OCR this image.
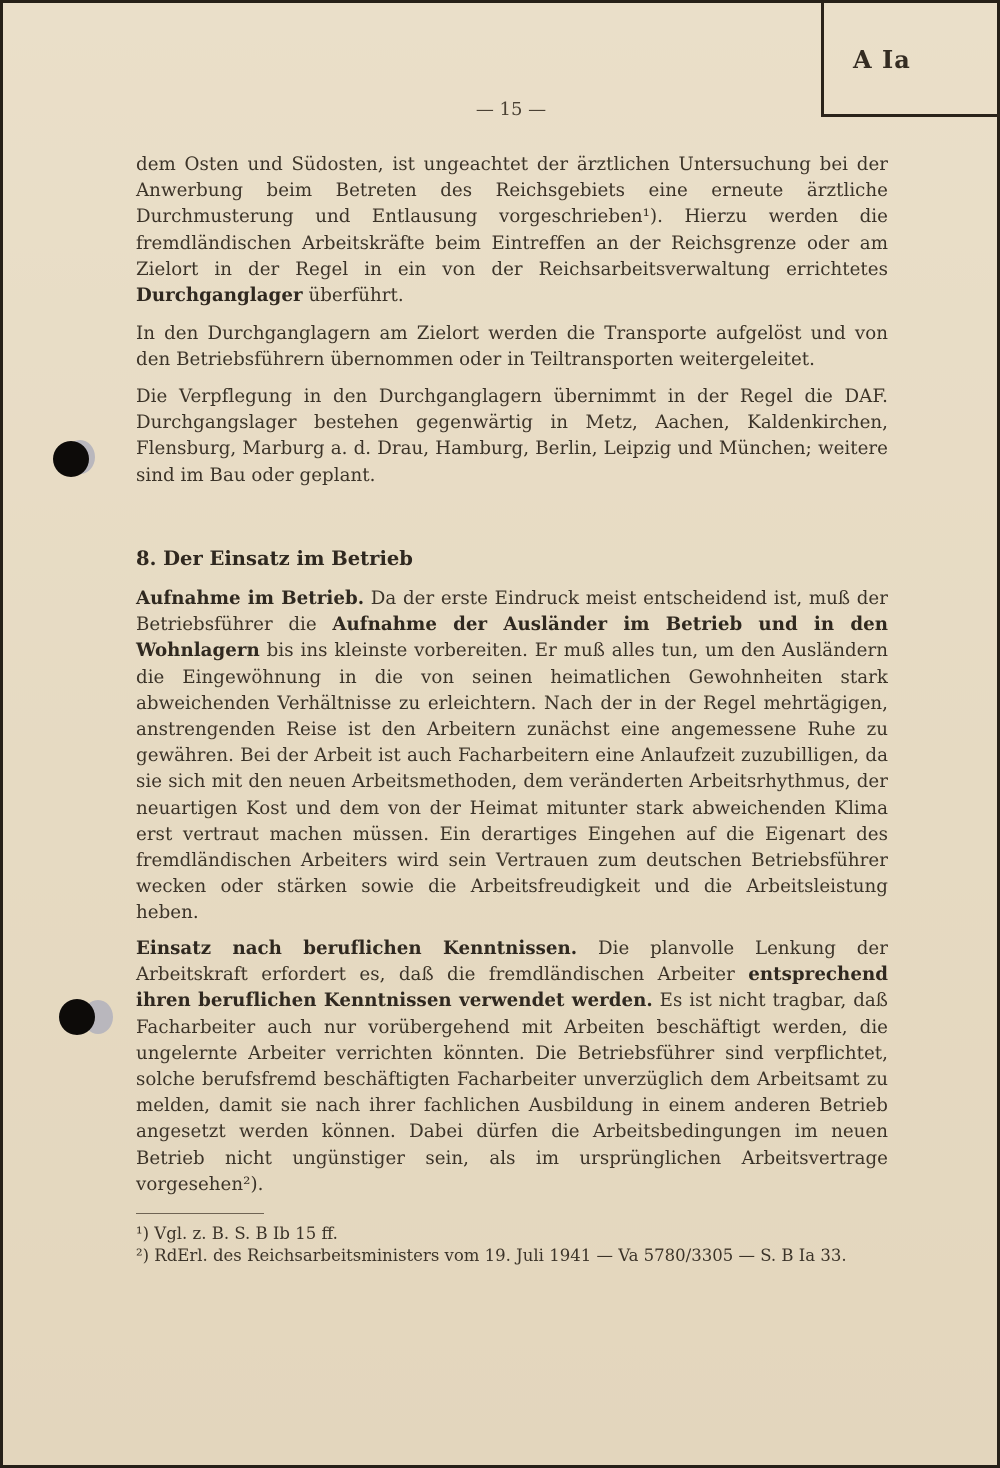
A Ia
— 15 —
dem Osten und Südosten, ist ungeachtet der ärztlichen Untersuchung bei der Anwerbung beim Betreten des Reichsgebiets eine erneute ärztliche Durchmusterung und Entlausung vorgeschrieben¹). Hierzu werden die fremdländischen Arbeitskräfte beim Eintreffen an der Reichsgrenze oder am Zielort in der Regel in ein von der Reichsarbeitsverwaltung errichtetes Durchganglager überführt.
In den Durchganglagern am Zielort werden die Transporte aufgelöst und von den Betriebsführern übernommen oder in Teiltransporten weitergeleitet.
Die Verpflegung in den Durchganglagern übernimmt in der Regel die DAF. Durchgangslager bestehen gegenwärtig in Metz, Aachen, Kaldenkirchen, Flensburg, Marburg a. d. Drau, Hamburg, Berlin, Leipzig und München; weitere sind im Bau oder geplant.
8. Der Einsatz im Betrieb
Aufnahme im Betrieb. Da der erste Eindruck meist entscheidend ist, muß der Betriebsführer die Aufnahme der Ausländer im Betrieb und in den Wohnlagern bis ins kleinste vorbereiten. Er muß alles tun, um den Ausländern die Eingewöhnung in die von seinen heimatlichen Gewohnheiten stark abweichenden Verhältnisse zu erleichtern. Nach der in der Regel mehrtägigen, anstrengenden Reise ist den Arbeitern zunächst eine angemessene Ruhe zu gewähren. Bei der Arbeit ist auch Facharbeitern eine Anlaufzeit zuzubilligen, da sie sich mit den neuen Arbeitsmethoden, dem veränderten Arbeitsrhythmus, der neuartigen Kost und dem von der Heimat mitunter stark abweichenden Klima erst vertraut machen müssen. Ein derartiges Eingehen auf die Eigenart des fremdländischen Arbeiters wird sein Vertrauen zum deutschen Betriebsführer wecken oder stärken sowie die Arbeitsfreudigkeit und die Arbeitsleistung heben.
Einsatz nach beruflichen Kenntnissen. Die planvolle Lenkung der Arbeitskraft erfordert es, daß die fremdländischen Arbeiter entsprechend ihren beruflichen Kenntnissen verwendet werden. Es ist nicht tragbar, daß Facharbeiter auch nur vorübergehend mit Arbeiten beschäftigt werden, die ungelernte Arbeiter verrichten könnten. Die Betriebsführer sind verpflichtet, solche berufsfremd beschäftigten Facharbeiter unverzüglich dem Arbeitsamt zu melden, damit sie nach ihrer fachlichen Ausbildung in einem anderen Betrieb angesetzt werden können. Dabei dürfen die Arbeitsbedingungen im neuen Betrieb nicht ungünstiger sein, als im ursprünglichen Arbeitsvertrage vorgesehen²).
¹) Vgl. z. B. S. B Ib 15 ff.
²) RdErl. des Reichsarbeitsministers vom 19. Juli 1941 — Va 5780/3305 — S. B Ia 33.
